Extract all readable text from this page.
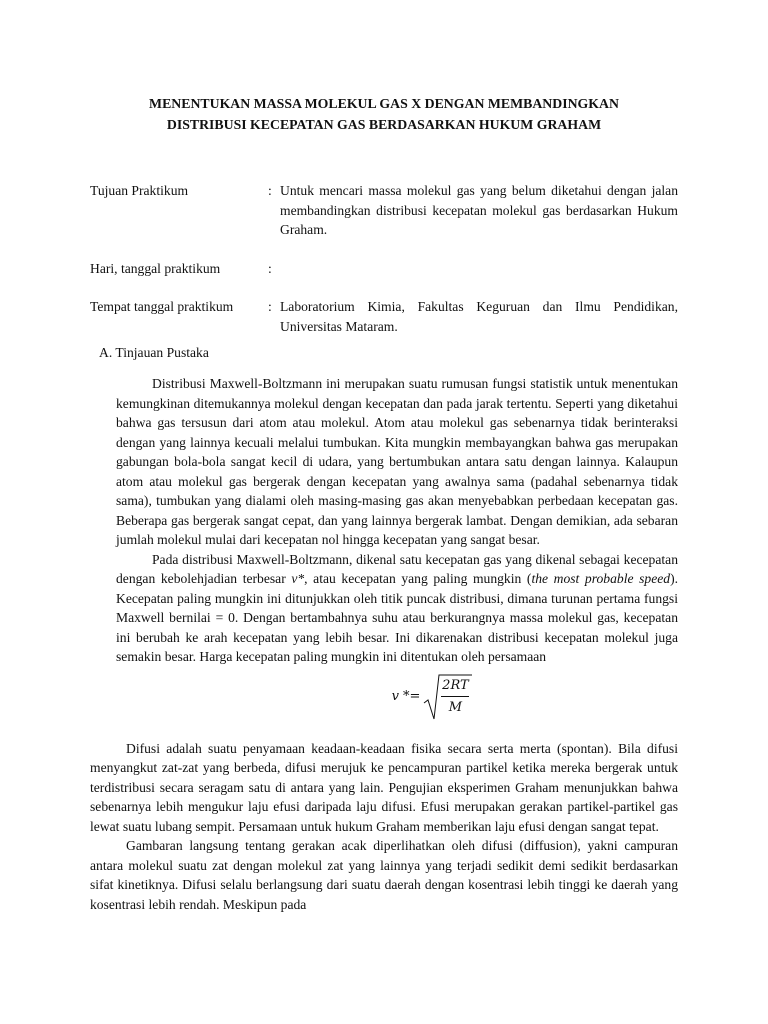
MENENTUKAN MASSA MOLEKUL GAS X DENGAN MEMBANDINGKAN
DISTRIBUSI KECEPATAN GAS BERDASARKAN HUKUM GRAHAM
Tujuan Praktikum	: Untuk mencari massa molekul gas yang belum diketahui dengan jalan membandingkan distribusi kecepatan molekul gas berdasarkan Hukum Graham.
Hari, tanggal praktikum	:
Tempat tanggal praktikum	: Laboratorium Kimia, Fakultas Keguruan dan Ilmu Pendidikan, Universitas Mataram.
A. Tinjauan Pustaka

Distribusi Maxwell-Boltzmann ini merupakan suatu rumusan fungsi statistik untuk menentukan kemungkinan ditemukannya molekul dengan kecepatan dan pada jarak tertentu. Seperti yang diketahui bahwa gas tersusun dari atom atau molekul. Atom atau molekul gas sebenarnya tidak berinteraksi dengan yang lainnya kecuali melalui tumbukan. Kita mungkin membayangkan bahwa gas merupakan gabungan bola-bola sangat kecil di udara, yang bertumbukan antara satu dengan lainnya. Kalaupun atom atau molekul gas bergerak dengan kecepatan yang awalnya sama (padahal sebenarnya tidak sama), tumbukan yang dialami oleh masing-masing gas akan menyebabkan perbedaan kecepatan gas. Beberapa gas bergerak sangat cepat, dan yang lainnya bergerak lambat. Dengan demikian, ada sebaran jumlah molekul mulai dari kecepatan nol hingga kecepatan yang sangat besar.

Pada distribusi Maxwell-Boltzmann, dikenal satu kecepatan gas yang dikenal sebagai kecepatan dengan kebolehjadian terbesar v*, atau kecepatan yang paling mungkin (the most probable speed). Kecepatan paling mungkin ini ditunjukkan oleh titik puncak distribusi, dimana turunan pertama fungsi Maxwell bernilai = 0. Dengan bertambahnya suhu atau berkurangnya massa molekul gas, kecepatan ini berubah ke arah kecepatan yang lebih besar. Ini dikarenakan distribusi kecepatan molekul juga semakin besar. Harga kecepatan paling mungkin ini ditentukan oleh persamaan

v *=
2RT
M

Difusi adalah suatu penyamaan keadaan-keadaan fisika secara serta merta (spontan). Bila difusi menyangkut zat-zat yang berbeda, difusi merujuk ke pencampuran partikel ketika mereka bergerak untuk terdistribusi secara seragam satu di antara yang lain. Pengujian eksperimen Graham menunjukkan bahwa sebenarnya lebih mengukur laju efusi daripada laju difusi. Efusi merupakan gerakan partikel-partikel gas lewat suatu lubang sempit. Persamaan untuk hukum Graham memberikan laju efusi dengan sangat tepat.

Gambaran langsung tentang gerakan acak diperlihatkan oleh difusi (diffusion), yakni campuran antara molekul suatu zat dengan molekul zat yang lainnya yang terjadi sedikit demi sedikit berdasarkan sifat kinetiknya. Difusi selalu berlangsung dari suatu daerah dengan kosentrasi lebih tinggi ke daerah yang kosentrasi lebih rendah. Meskipun pada
